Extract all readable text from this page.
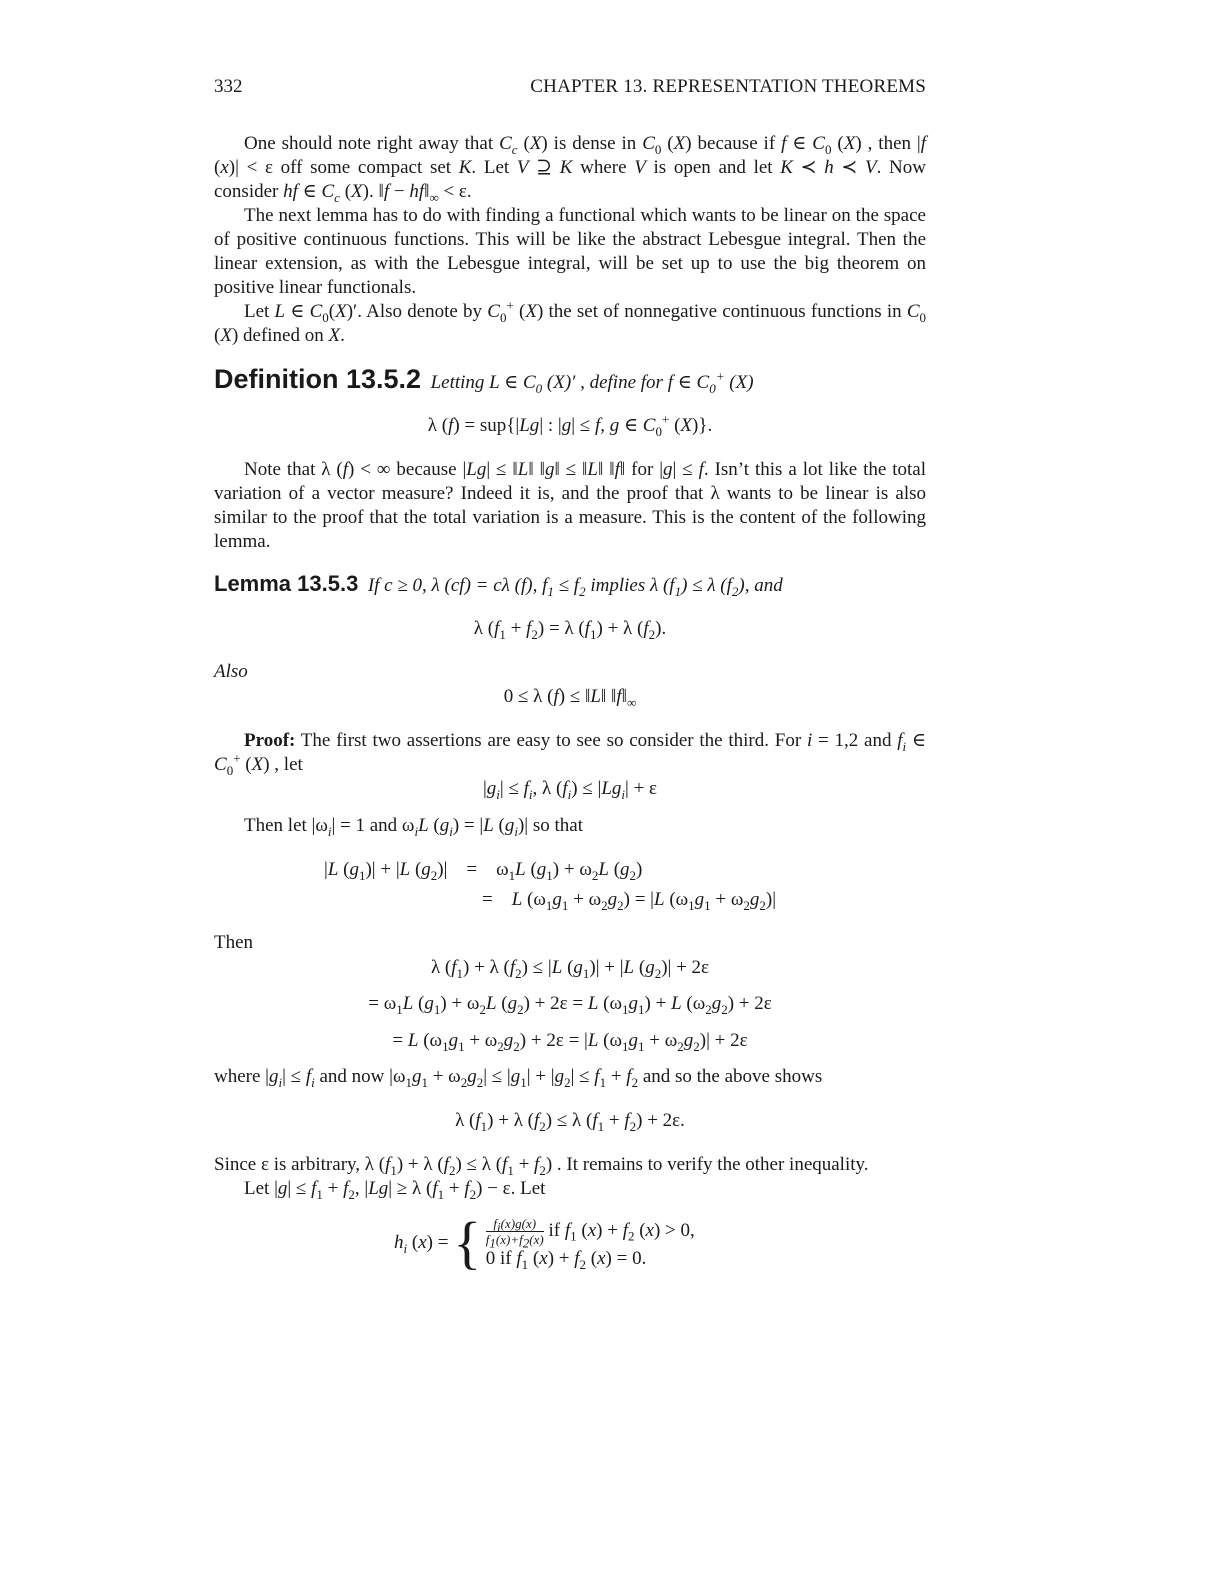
332	CHAPTER 13. REPRESENTATION THEOREMS

One should note right away that $C_c$ (X) is dense in $C_0$ (X) because if f ∈ $C_0$ (X) , then |f (x)| < ε off some compact set K. Let V ⊇ K where V is open and let K ≺ h ≺ V. Now consider hf ∈ $C_c$ (X). ‖f − $hf‖_\infty < \varepsilon$.

The next lemma has to do with finding a functional which wants to be linear on the space of positive continuous functions. This will be like the abstract Lebesgue integral. Then the linear extension, as with the Lebesgue integral, will be set up to use the big theorem on positive linear functionals.

Let L ∈ $C_0(X)'$. Also denote by $C_0^+$ (X) the set of nonnegative continuous functions in $C_0$ (X) defined on X.

Definition 13.5.2  Letting L ∈ $C_0$ (X)′ , define for f ∈ $C_0^+$ (X)
λ (f) = sup{|Lg| : |g| ≤ f, g ∈ $C_0^+$ (X)}.

Note that λ (f) < ∞ because |Lg| ≤ ‖L‖ ‖g‖ ≤ ‖L‖ ‖f‖ for |g| ≤ f. Isn’t this a lot like the total variation of a vector measure? Indeed it is, and the proof that λ wants to be linear is also similar to the proof that the total variation is a measure. This is the content of the following lemma.

Lemma 13.5.3  If c ≥ 0, λ (cf) = cλ (f), $f_1 \le f_2$ implies λ $(f_1) \le \lambda$ $(f_2)$, and
λ $(f_1 + f_2) = \lambda$ $(f_1) + \lambda$ $(f_2)$.
Also
0 ≤ λ (f) ≤ ‖L‖ $‖f‖_\infty$

Proof: The first two assertions are easy to see so consider the third. For i = 1,2 and $f_i$ ∈ $C_0^+$ (X) , let

$|g_i| \le f_i$, λ $(f_i) \le |Lg_i| + \varepsilon$

Then let $|\omega_i| = 1$ and $\omega_iL$ $(g_i) = |L$ $(g_i)|$ so that

|L $(g_1)| + |L$ $(g_2)|$    =    $\omega_1L$ $(g_1) + \omega_2L$ $(g_2)$
=    L $(\omega_1g_1 + \omega_2g_2) = |L$ $(\omega_1g_1 + \omega_2g_2)|$
Then
λ $(f_1) + \lambda$ $(f_2) \le |L$ $(g_1)| + |L$ $(g_2)| + 2\varepsilon$
= $\omega_1L$ $(g_1) + \omega_2L$ $(g_2) + 2\varepsilon = L$ $(\omega_1g_1) + L$ $(\omega_2g_2) + 2\varepsilon$
= L $(\omega_1g_1 + \omega_2g_2) + 2\varepsilon = |L$ $(\omega_1g_1 + \omega_2g_2)| + 2\varepsilon$

where $|g_i| \le f_i$ and now $|\omega_1g_1 + \omega_2g_2| \le |g_1| + |g_2| \le f_1 + f_2$ and so the above shows

λ $(f_1) + \lambda$ $(f_2) \le \lambda$ $(f_1 + f_2) + 2\varepsilon$.

Since ε is arbitrary, λ $(f_1) + \lambda$ $(f_2) \le \lambda$ $(f_1 + f_2)$ . It remains to verify the other inequality.

Let $|g| \le f_1 + f_2$, |Lg| ≥ λ $(f_1 + f_2) - \varepsilon$. Let

$h_i$ (x) = { $\frac{f_i(x)g(x)}{f_1(x)+f_2(x)}$ if $f_1$ $(x) + f_2$ (x) > 0,
0 if $f_1$ $(x) + f_2$ (x) = 0.
